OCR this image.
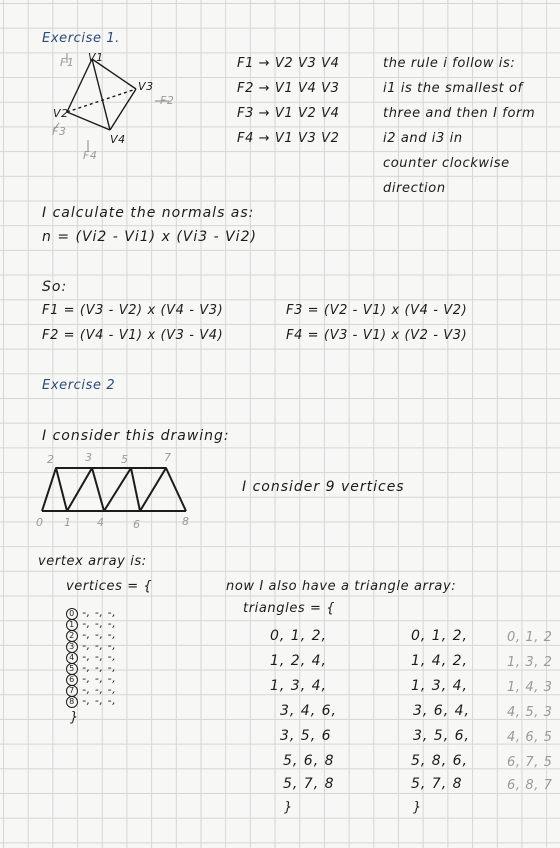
Exercise 1.
F1 V1
V3
F2
V2
F3
V4
F4
F1 → V2 V3 V4
F2 → V1 V4 V3
F3 → V1 V2 V4
F4 → V1 V3 V2
the rule i follow is:
i1 is the smallest of
three and then I form
i2 and i3 in
counter clockwise
direction
I calculate the normals as:
n = (Vi2 - Vi1) x (Vi3 - Vi2)
So:
F1 = (V3 - V2) x (V4 - V3)
F2 = (V4 - V1) x (V3 - V4)
F3 = (V2 - V1) x (V4 - V2)
F4 = (V3 - V1) x (V2 - V3)
Exercise 2
I consider this drawing:
2	3	5	7
0 1 4	6	8
I consider 9 vertices
vertex array is:
vertices = {
0 -, -, -,
1 -, -, -,
2 -, -, -,
3 -, -, -,
4 -, -, -,
5 -, -, -,
6 -, -, -,
7 -, -, -,
8 -, -, -,
}
now I also have a triangle array:
triangles = {
0, 1, 2,
1, 2, 4,
1, 3, 4,
3, 4, 6,
3, 5, 6
5, 6, 8
5, 7, 8
}
0, 1, 2,
1, 4, 2,
1, 3, 4,
3, 6, 4,
3, 5, 6,
5, 8, 6,
5, 7, 8
}
0, 1, 2
1, 3, 2
1, 4, 3
4, 5, 3
4, 6, 5
6, 7, 5
6, 8, 7
